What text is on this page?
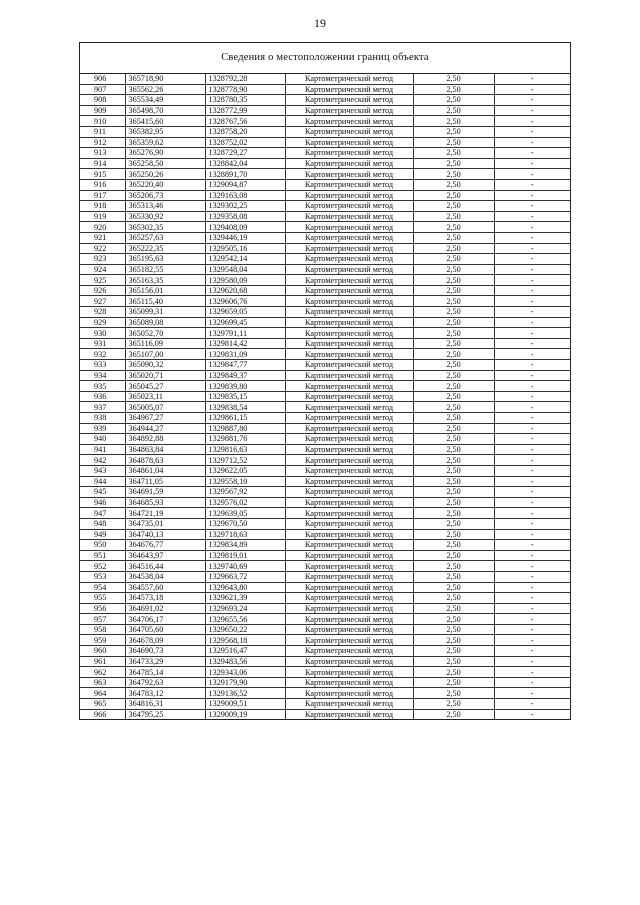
19
Сведения о местоположении границ объекта
906	365718,90	1328792,28	Картометрический метод	2,50	-
907	365562,26	1328778,90	Картометрический метод	2,50	-
908	365534,49	1328780,35	Картометрический метод	2,50	-
909	365498,70	1328772,99	Картометрический метод	2,50	-
910	365415,60	1328767,56	Картометрический метод	2,50	-
911	365382,95	1328758,20	Картометрический метод	2,50	-
912	365359,62	1328752,02	Картометрический метод	2,50	-
913	365276,90	1328729,27	Картометрический метод	2,50	-
914	365258,50	1328842,04	Картометрический метод	2,50	-
915	365250,26	1328891,70	Картометрический метод	2,50	-
916	365220,40	1329094,87	Картометрический метод	2,50	-
917	365206,73	1329163,08	Картометрический метод	2,50	-
918	365313,46	1329302,25	Картометрический метод	2,50	-
919	365330,92	1329358,08	Картометрический метод	2,50	-
920	365302,35	1329408,09	Картометрический метод	2,50	-
921	365257,63	1329446,19	Картометрический метод	2,50	-
922	365222,35	1329505,16	Картометрический метод	2,50	-
923	365195,63	1329542,14	Картометрический метод	2,50	-
924	365182,55	1329548,04	Картометрический метод	2,50	-
925	365163,35	1329580,09	Картометрический метод	2,50	-
926	365156,01	1329620,68	Картометрический метод	2,50	-
927	365115,40	1329606,76	Картометрический метод	2,50	-
928	365099,31	1329659,05	Картометрический метод	2,50	-
929	365089,08	1329699,45	Картометрический метод	2,50	-
930	365052,70	1329791,11	Картометрический метод	2,50	-
931	365116,09	1329814,42	Картометрический метод	2,50	-
932	365107,00	1329831,09	Картометрический метод	2,50	-
933	365090,32	1329847,77	Картометрический метод	2,50	-
934	365020,71	1329849,37	Картометрический метод	2,50	-
935	365045,27	1329839,80	Картометрический метод	2,50	-
936	365023,11	1329835,15	Картометрический метод	2,50	-
937	365005,07	1329838,54	Картометрический метод	2,50	-
938	364967,27	1329861,15	Картометрический метод	2,50	-
939	364944,27	1329887,80	Картометрический метод	2,50	-
940	364892,88	1329881,76	Картометрический метод	2,50	-
941	364863,84	1329816,63	Картометрический метод	2,50	-
942	364878,63	1329712,52	Картометрический метод	2,50	-
943	364861,04	1329622,05	Картометрический метод	2,50	-
944	364711,05	1329558,10	Картометрический метод	2,50	-
945	364691,59	1329567,92	Картометрический метод	2,50	-
946	364685,93	1329576,02	Картометрический метод	2,50	-
947	364721,19	1329639,05	Картометрический метод	2,50	-
948	364735,01	1329670,50	Картометрический метод	2,50	-
949	364740,13	1329718,63	Картометрический метод	2,50	-
950	364676,77	1329834,89	Картометрический метод	2,50	-
951	364643,97	1329819,01	Картометрический метод	2,50	-
952	364516,44	1329740,69	Картометрический метод	2,50	-
953	364538,04	1329663,72	Картометрический метод	2,50	-
954	364557,60	1329643,80	Картометрический метод	2,50	-
955	364573,18	1329621,39	Картометрический метод	2,50	-
956	364691,02	1329693,24	Картометрический метод	2,50	-
957	364706,17	1329655,56	Картометрический метод	2,50	-
958	364705,60	1329650,22	Картометрический метод	2,50	-
959	364678,09	1329568,18	Картометрический метод	2,50	-
960	364690,73	1329516,47	Картометрический метод	2,50	-
961	364733,29	1329483,56	Картометрический метод	2,50	-
962	364785,14	1329343,06	Картометрический метод	2,50	-
963	364792,63	1329179,90	Картометрический метод	2,50	-
964	364783,12	1329136,52	Картометрический метод	2,50	-
965	364816,31	1329009,51	Картометрический метод	2,50	-
966	364795,25	1329009,19	Картометрический метод	2,50	-
